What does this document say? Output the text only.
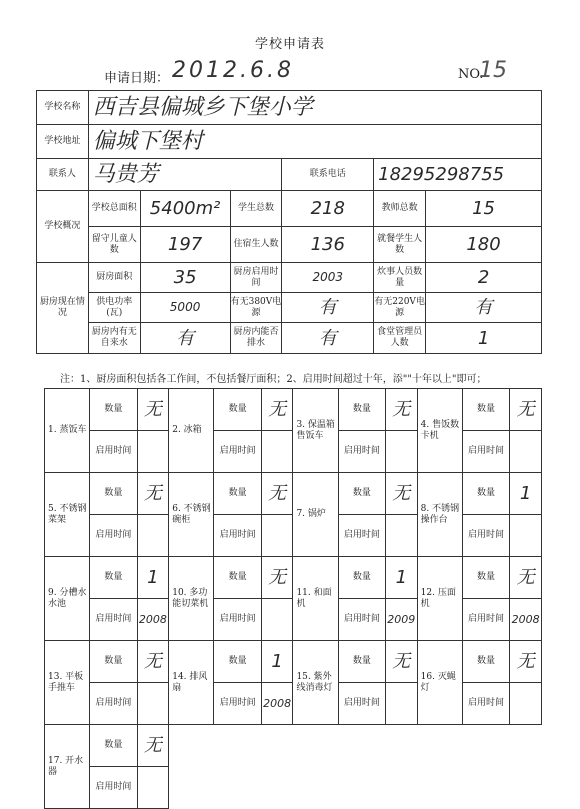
学校申请表
申请日期： 2012.6.8	NO.
15
学校名称	西吉县偏城乡下堡小学					
学校地址	偏城下堡村					
联系人	马贵芳			联系电话	18295298755	
学校概况	学校总面积	5400m²	学生总数	218	教师总数	15
	留守儿童人数	197	住宿生人数	136	就餐学生人数	180
厨房现在情况	厨房面积	35	厨房启用时间	2003	炊事人员数量	2
	供电功率(瓦)	5000	有无380V电源	有	有无220V电源	有
	厨房内有无自来水	有	厨房内能否排水	有	食堂管理员人数	1
注：1、厨房面积包括各工作间，不包括餐厅面积；2、启用时间超过十年，添""十年以上"即可；
1. 蒸饭车	数量	无	2. 冰箱	数量	无	3. 保温箱售饭车	数量	无	4. 售饭数卡机	数量	无
	启用时间			启用时间			启用时间			启用时间	
5. 不锈钢菜架	数量	无	6. 不锈钢碗柜	数量	无	7. 锅炉	数量	无	8. 不锈钢操作台	数量	1
	启用时间			启用时间			启用时间			启用时间	
9. 分槽水水池	数量	1	10. 多功能切菜机	数量	无	11. 和面机	数量	1	12. 压面机	数量	无
	启用时间	2008		启用时间			启用时间	2009		启用时间	2008
13. 平板手推车	数量	无	14. 排风扇	数量	1	15. 紫外线消毒灯	数量	无	16. 灭蝇灯	数量	无
	启用时间			启用时间	2008		启用时间			启用时间	
17. 开水器	数量	无									
	启用时间										
